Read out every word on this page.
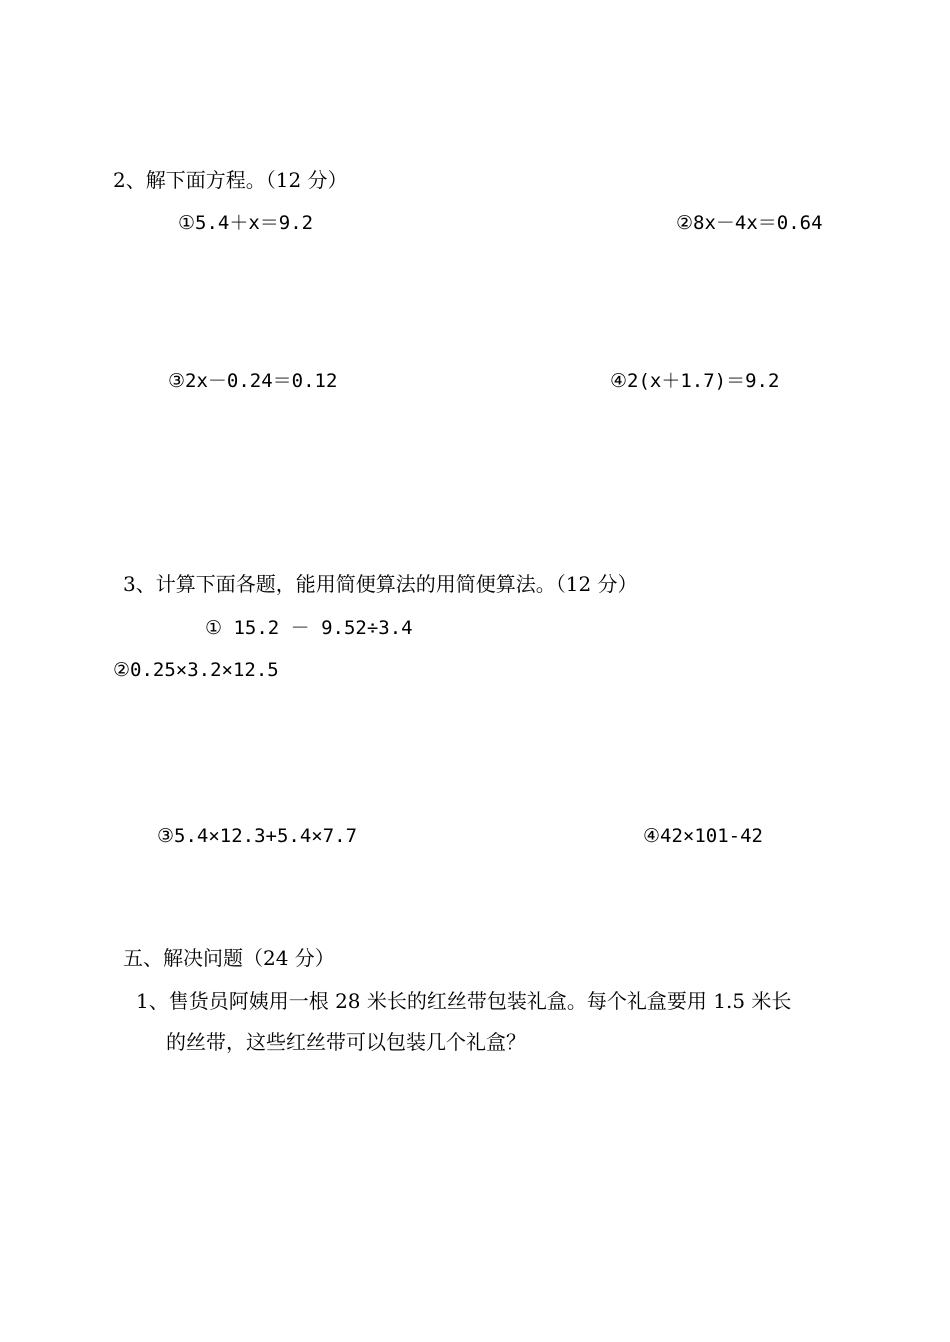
2、解下面方程。（12 分）
①5.4＋x＝9.2	②8x－4x＝0.64
③2x－0.24＝0.12	④2(x＋1.7)＝9.2
3、计算下面各题，能用简便算法的用简便算法。（12 分）
① 15.2 － 9.52÷3.4
②0.25×3.2×12.5
③5.4×12.3+5.4×7.7	④42×101-42
五、解决问题（24 分）
1、售货员阿姨用一根 28 米长的红丝带包装礼盒。每个礼盒要用 1.5 米长
的丝带，这些红丝带可以包装几个礼盒？
